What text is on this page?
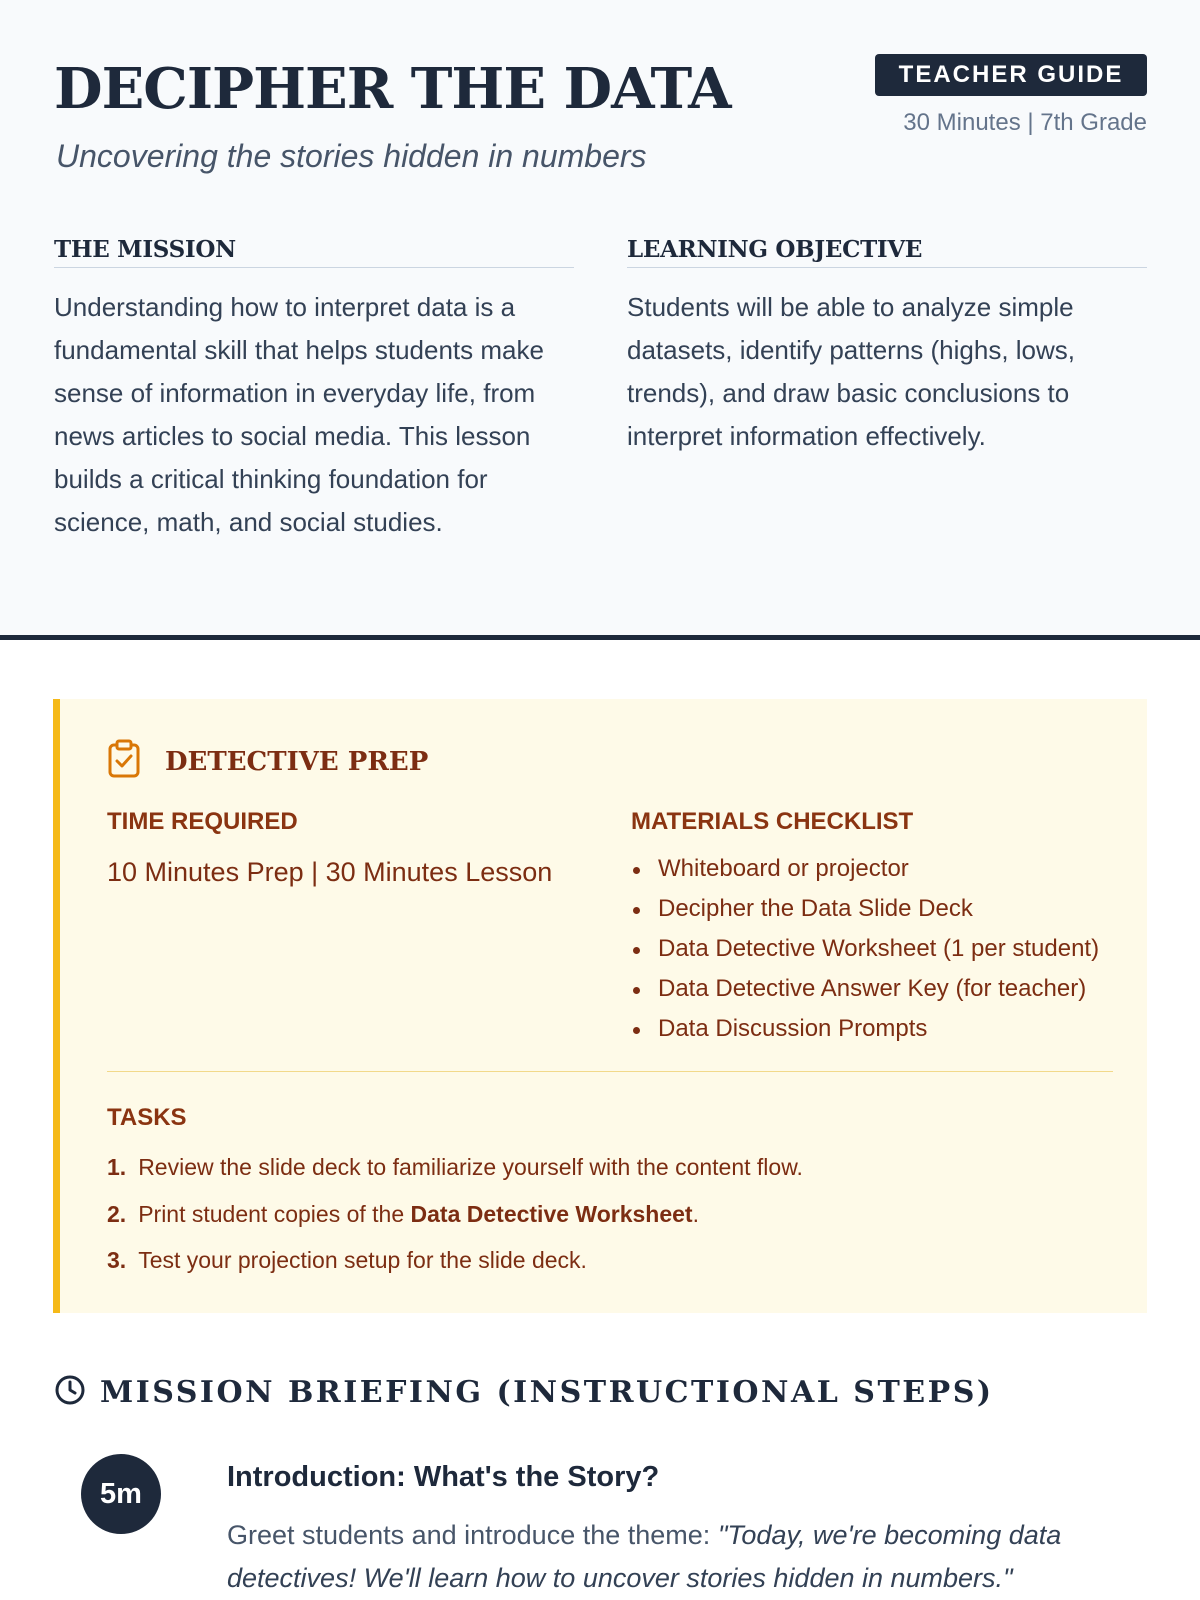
DECIPHER THE DATA
Uncovering the stories hidden in numbers
TEACHER GUIDE
30 Minutes | 7th Grade
THE MISSION

Understanding how to interpret data is a fundamental skill that helps students make sense of information in everyday life, from news articles to social media. This lesson builds a critical thinking foundation for science, math, and social studies.

LEARNING OBJECTIVE

Students will be able to analyze simple datasets, identify patterns (highs, lows, trends), and draw basic conclusions to interpret information effectively.

DETECTIVE PREP
TIME REQUIRED
10 Minutes Prep | 30 Minutes Lesson
MATERIALS CHECKLIST
Whiteboard or projector
Decipher the Data Slide Deck
Data Detective Worksheet (1 per student)
Data Detective Answer Key (for teacher)
Data Discussion Prompts
TASKS
1. Review the slide deck to familiarize yourself with the content flow.
2. Print student copies of the Data Detective Worksheet.
3. Test your projection setup for the slide deck.
MISSION BRIEFING (INSTRUCTIONAL STEPS)
5m
Introduction: What's the Story?

Greet students and introduce the theme: "Today, we're becoming data detectives! We'll learn how to uncover stories hidden in numbers."
